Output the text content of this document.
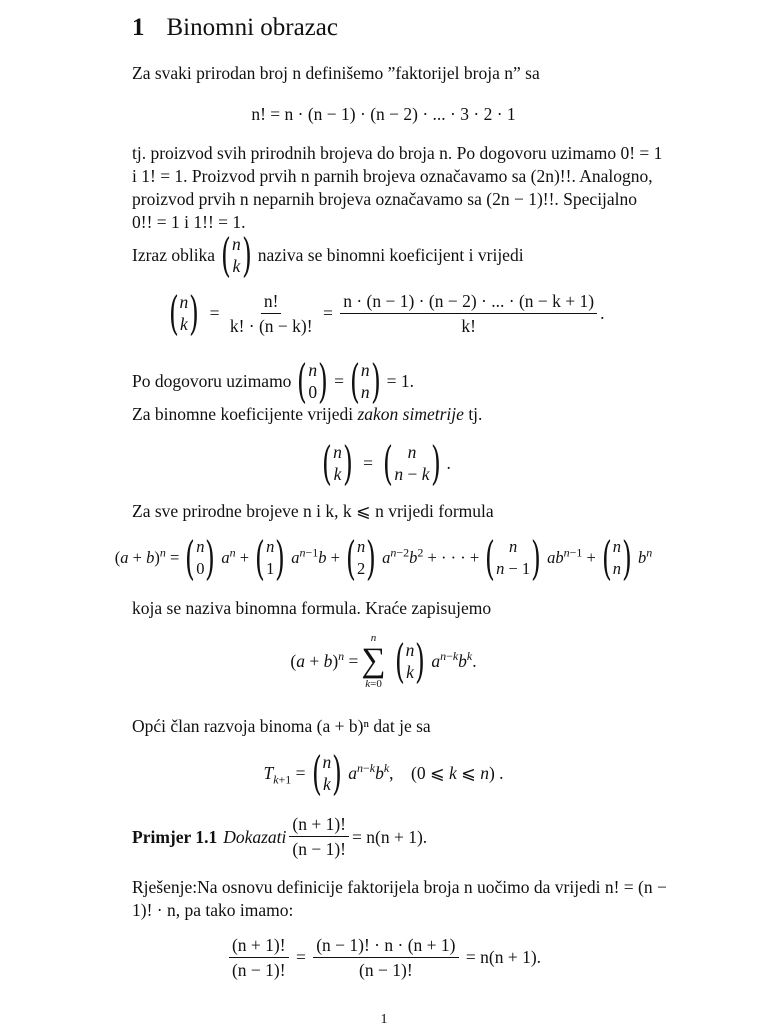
1 Binomni obrazac
Za svaki prirodan broj n definišemo ”faktorijel broja n” sa
n! = n · (n − 1) · (n − 2) · ... · 3 · 2 · 1
tj. proizvod svih prirodnih brojeva do broja n. Po dogovoru uzimamo 0! = 1
i 1! = 1. Proizvod prvih n parnih brojeva označavamo sa (2n)!!. Analogno,
proizvod prvih n neparnih brojeva označavamo sa (2n − 1)!!. Specijalno
0!! = 1 i 1!! = 1.
Izraz oblika ( n
k ) naziva se binomni koeficijent i vrijedi
( n
k ) = $\frac{n!}{k! \cdot (n - k)!} = \frac{n \cdot (n - 1) \cdot (n - 2) \cdot ... \cdot (n - k + 1)}{k!}$ .
Po dogovoru uzimamo ( n
0 ) = ( n
n ) = 1.
Za binomne koeficijente vrijedi zakon simetrije tj.
( n
k ) = ( n
n − k ) .
Za sve prirodne brojeve n i k, k ⩽ n vrijedi formula
$(a + b)^n$ = ( n
0 ) $a^n$ + ( n
1 ) $a^{n-1}b$ + ( n
2 ) $a^{n-2}b^2$ + · · · + ( n
n − 1 ) $ab^{n-1}$ + ( n
n ) $b^n$
koja se naziva binomna formula. Kraće zapisujemo
$(a + b)^n$ =
n
∑
k=0 ( n
k ) $a^{n-k}b^k$.
Opći član razvoja binoma (a + b)ⁿ dat je sa
$T_{k+1}$ = ( n
k ) $a^{n-k}b^k$,    (0 ⩽ k ⩽ n) .
Primjer 1.1 Dokazati $\frac{(n + 1)!}{(n - 1)!} = n(n + 1)$.
Rješenje:Na osnovu definicije faktorijela broja n uočimo da vrijedi n! = (n −
1)! · n, pa tako imamo:
$\frac{(n + 1)!}{(n - 1)!} = \frac{(n - 1)! \cdot n \cdot (n + 1)}{(n - 1)!}$
= n(n + 1).
1
